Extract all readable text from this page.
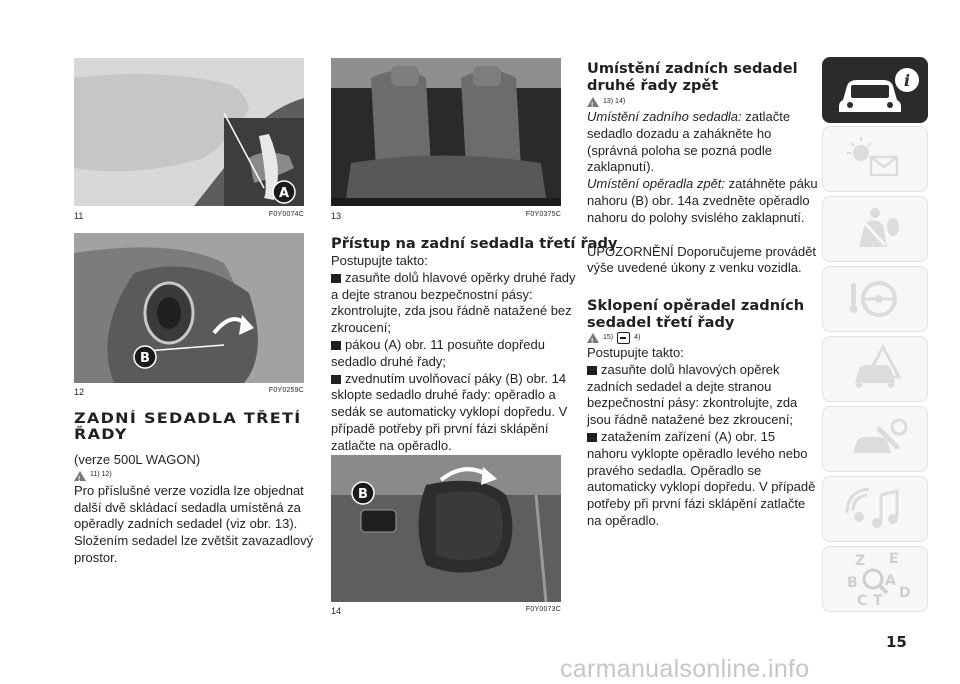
A
11	F0Y0074C
B
12	F0Y0259C
ZADNÍ SEDADLA TŘETÍ ŘADY

(verze 500L WAGON)

!
11) 12)

Pro příslušné verze vozidla lze objednat další dvě skládací sedadla umístěná za opěradly zadních sedadel (viz obr. 13). Složením sedadel lze zvětšit zavazadlový prostor.

13	F0Y0375C
Přístup na zadní sedadla třetí řady

Postupujte takto:

zasuňte dolů hlavové opěrky druhé řady a dejte stranou bezpečnostní pásy: zkontrolujte, zda jsou řádně natažené bez zkroucení;

pákou (A) obr. 11 posuňte dopředu sedadlo druhé řady;

zvednutím uvolňovací páky (B) obr. 14 sklopte sedadlo druhé řady: opěradlo a sedák se automaticky vyklopí dopředu. V případě potřeby při první fázi sklápění zatlačte na opěradlo.

B
14	F0Y0073C
Umístění zadních sedadel druhé řady zpět
!
13) 14)

Umístění zadního sedadla: zatlačte sedadlo dozadu a zahákněte ho (správná poloha se pozná podle zaklapnutí).

Umístění opěradla zpět: zatáhněte páku nahoru (B) obr. 14a zvedněte opěradlo nahoru do polohy svislého zaklapnutí.

UPOZORNĚNÍ Doporučujeme provádět výše uvedené úkony z venku vozidla.

Sklopení opěradel zadních sedadel třetí řady
!
15)	4)

Postupujte takto:

zasuňte dolů hlavových opěrek zadních sedadel a dejte stranou bezpečnostní pásy: zkontrolujte, zda jsou řádně natažené bez zkroucení;

zatažením zařízení (A) obr. 15 nahoru vyklopte opěradlo levého nebo pravého sedadla. Opěradlo se automaticky vyklopí dopředu. V případě potřeby při první fázi sklápění zatlačte na opěradlo.

i
Z E
B A
C T D
15
carmanualsonline.info
